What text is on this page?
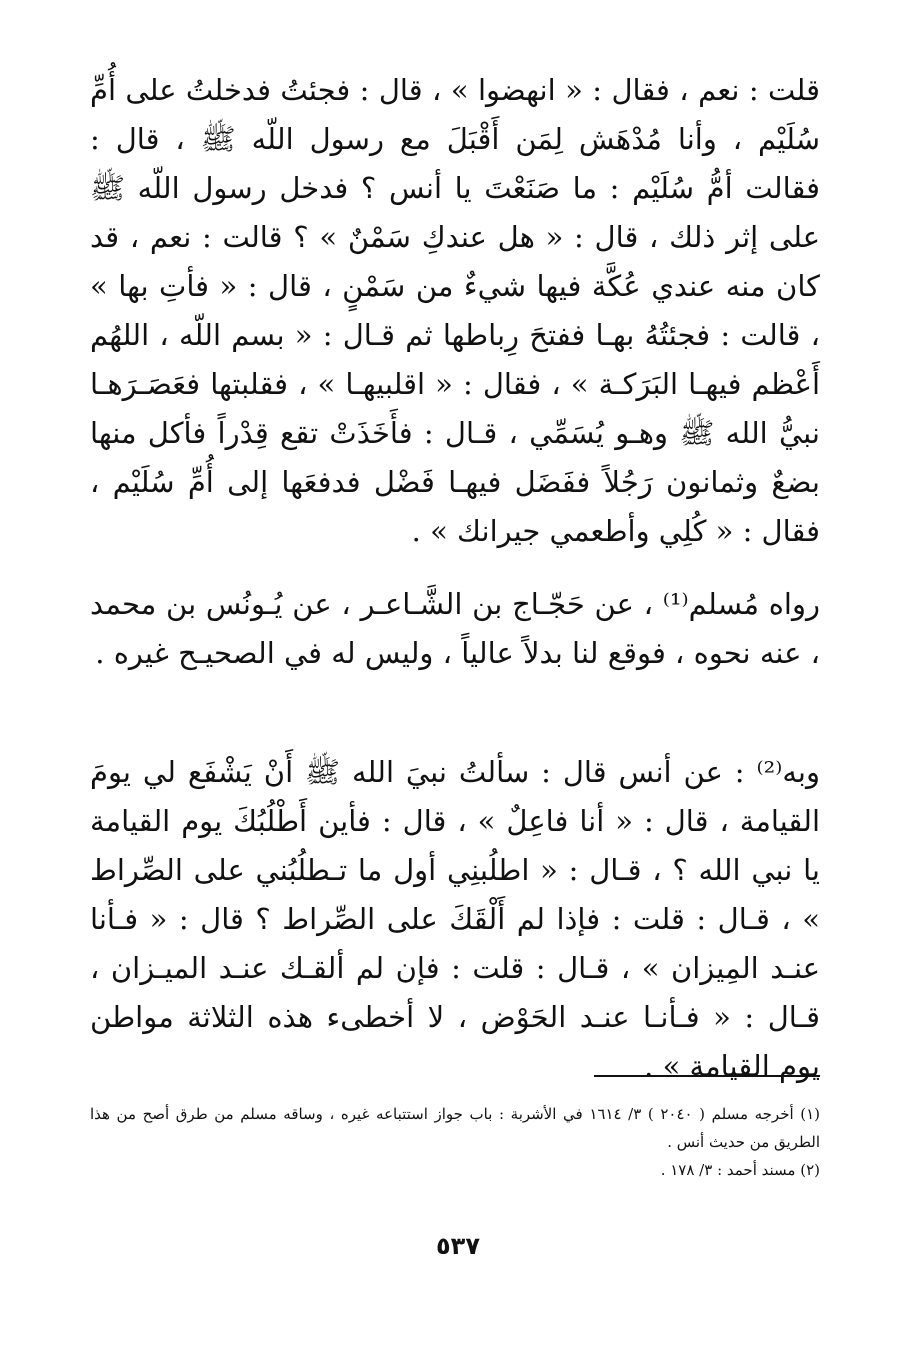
قلت : نعم ، فقال : « انهضوا » ، قال : فجئتُ فدخلتُ على أُمِّ سُلَيْم ، وأنا مُدْهَش لِمَن أَقْبَلَ مع رسول اللّه ﷺ ، قال : فقالت أمُّ سُلَيْم : ما صَنَعْتَ يا أنس ؟ فدخل رسول اللّه ﷺ على إثر ذلك ، قال : « هل عندكِ سَمْنٌ » ؟ قالت : نعم ، قد كان منه عندي عُكَّة فيها شيءٌ من سَمْنٍ ، قال : « فأتِ بها » ، قالت : فجئتُهُ بهـا ففتحَ رِباطها ثم قـال : « بسم اللّه ، اللهُم أَعْظم فيهـا البَرَكـة » ، فقال : « اقلبيهـا » ، فقلبتها فعَصَـرَهـا نبيُّ الله ﷺ وهـو يُسَمِّي ، قـال : فأَخَذَتْ تقع قِدْراً فأكل منها بضعٌ وثمانون رَجُلاً ففَضَل فيهـا فَضْل فدفعَها إلى أُمِّ سُلَيْم ، فقال : « كُلِي وأطعمي جيرانك » .

رواه مُسلم⁽¹⁾ ، عن حَجّـاج بن الشَّـاعـر ، عن يُـونُس بن محمد ، عنه نحوه ، فوقع لنا بدلاً عالياً ، وليس له في الصحيـح غيره .

وبه⁽²⁾ : عن أنس قال : سألتُ نبيَ الله ﷺ أَنْ يَشْفَع لي يومَ القيامة ، قال : « أنا فاعِلٌ » ، قال : فأين أَطْلُبُكَ يوم القيامة يا نبي الله ؟ ، قـال : « اطلُبنِي أول ما تـطلُبُني على الصِّراط » ، قـال : قلت : فإذا لم أَلْقَكَ على الصِّراط ؟ قال : « فـأنا عنـد المِيزان » ، قـال : قلت : فإن لم ألقـك عنـد الميـزان ، قـال : « فـأنـا عنـد الحَوْض ، لا أخطىء هذه الثلاثة مواطن يوم القيامة » .

(١) أخرجه مسلم ( ٢٠٤٠ ) ٣/ ١٦١٤ في الأشربة : باب جواز استتباعه غيره ، وساقه مسلم من طرق أصح من هذا الطريق من حديث أنس .

(٢) مسند أحمد : ٣/ ١٧٨ .

٥٣٧
